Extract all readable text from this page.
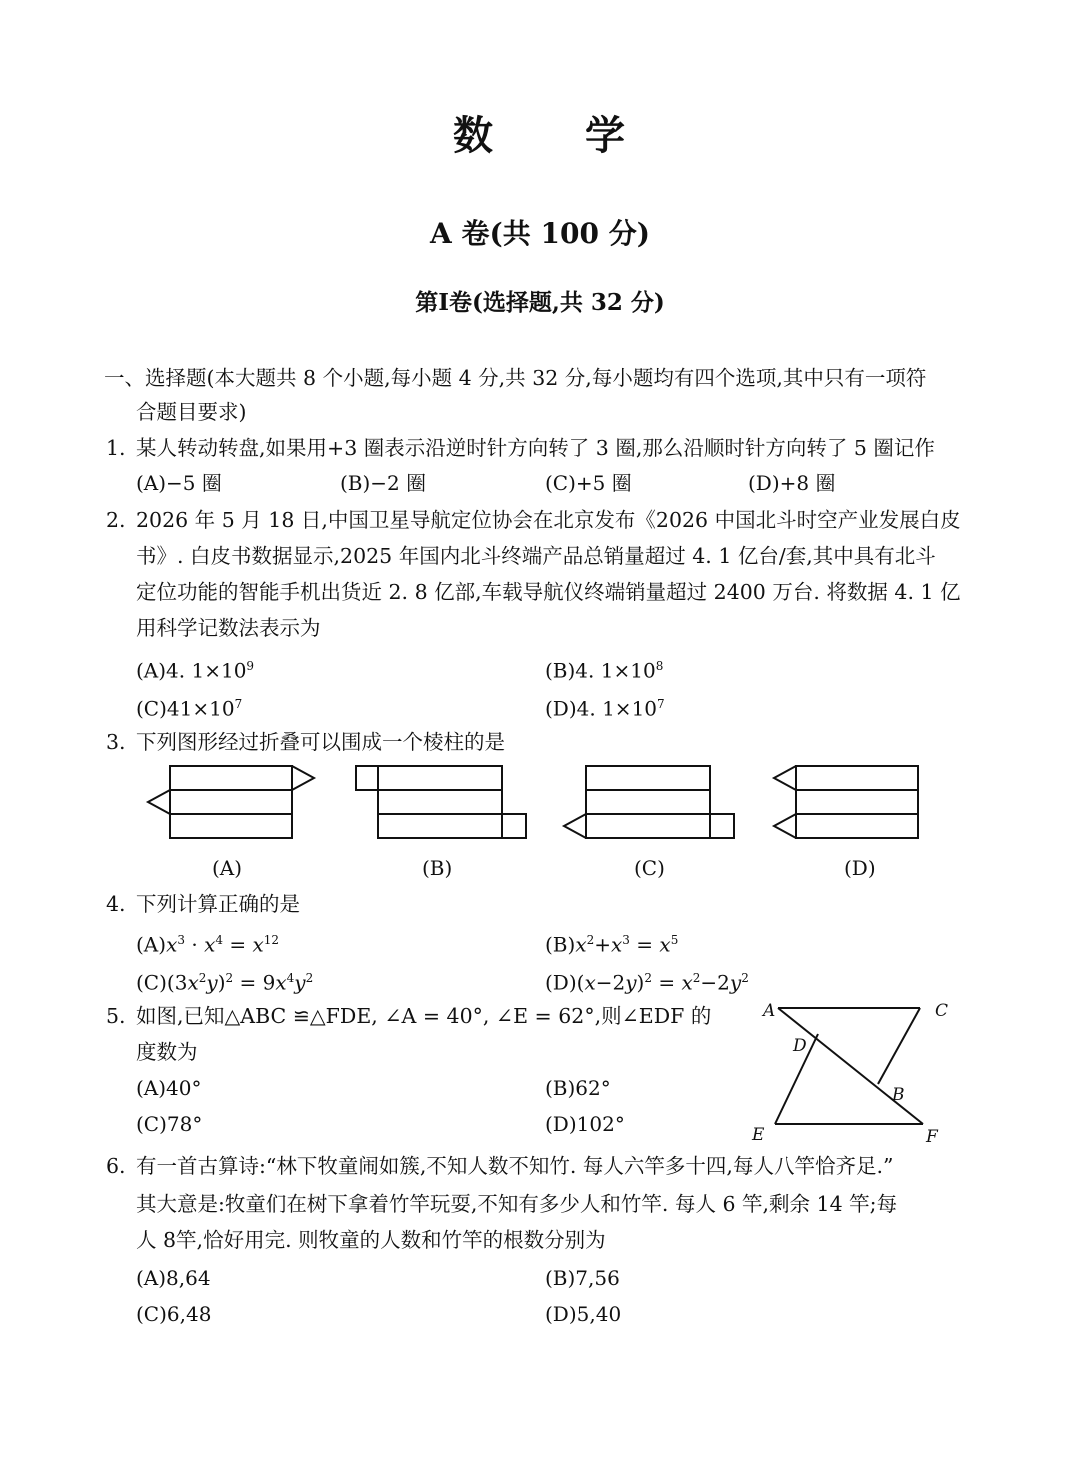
数 学
A 卷(共 100 分)
第Ⅰ卷(选择题,共 32 分)
一、选择题(本大题共 8 个小题,每小题 4 分,共 32 分,每小题均有四个选项,其中只有一项符
合题目要求)
1. 某人转动转盘,如果用+3 圈表示沿逆时针方向转了 3 圈,那么沿顺时针方向转了 5 圈记作
(A)−5 圈	(B)−2 圈	(C)+5 圈	(D)+8 圈
2. 2026 年 5 月 18 日,中国卫星导航定位协会在北京发布《2026 中国北斗时空产业发展白皮
书》. 白皮书数据显示,2025 年国内北斗终端产品总销量超过 4. 1 亿台/套,其中具有北斗
定位功能的智能手机出货近 2. 8 亿部,车载导航仪终端销量超过 2400 万台. 将数据 4. 1 亿
用科学记数法表示为
(A)4. $1\times 10^9$	(B)4. $1\times 10^8$
$(C)41\times 10^7$	(D)4. $1\times 10^7$
3. 下列图形经过折叠可以围成一个棱柱的是
(A)	(B)	(C)	(D)
4. 下列计算正确的是
$(A)x^3 \cdot x^4 = x^{12}$	$(B)x^2+x^3 = x^5$
$(C)(3x^2y)^2 = 9x^4y^2$	$(D)(x-2y)^2 = x^2-2y^2$
5. 如图,已知△ABC ≌△FDE, ∠A = 40°, ∠E = 62°,则∠EDF 的
度数为
(A)40°	(B)62°
(C)78°	(D)102°
A	C
D
B
E	F
6. 有一首古算诗:“林下牧童闹如簇,不知人数不知竹. 每人六竿多十四,每人八竿恰齐足.”
其大意是:牧童们在树下拿着竹竿玩耍,不知有多少人和竹竿. 每人 6 竿,剩余 14 竿;每
人 8竿,恰好用完. 则牧童的人数和竹竿的根数分别为
(A)8,64	(B)7,56
(C)6,48	(D)5,40
